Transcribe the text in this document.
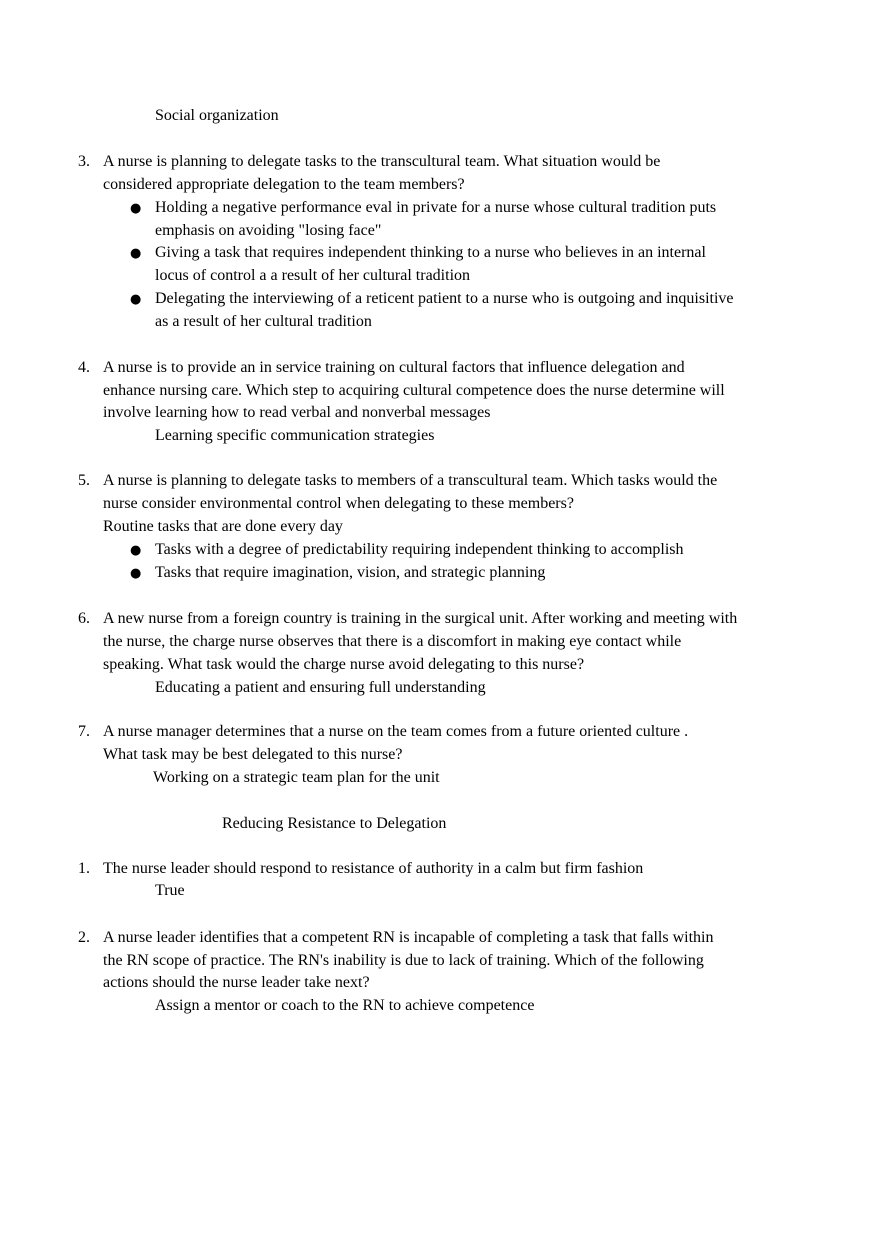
Social organization
3. A nurse is planning to delegate tasks to the transcultural team. What situation would be
considered appropriate delegation to the team members?
● Holding a negative performance eval in private for a nurse whose cultural tradition puts
emphasis on avoiding "losing face"
● Giving a task that requires independent thinking to a nurse who believes in an internal
locus of control a a result of her cultural tradition
● Delegating the interviewing of a reticent patient to a nurse who is outgoing and inquisitive
as a result of her cultural tradition
4. A nurse is to provide an in service training on cultural factors that influence delegation and
enhance nursing care. Which step to acquiring cultural competence does the nurse determine will
involve learning how to read verbal and nonverbal messages
Learning specific communication strategies
5. A nurse is planning to delegate tasks to members of a transcultural team. Which tasks would the
nurse consider environmental control when delegating to these members?
Routine tasks that are done every day
● Tasks with a degree of predictability requiring independent thinking to accomplish
● Tasks that require imagination, vision, and strategic planning
6. A new nurse from a foreign country is training in the surgical unit. After working and meeting with
the nurse, the charge nurse observes that there is a discomfort in making eye contact while
speaking. What task would the charge nurse avoid delegating to this nurse?
Educating a patient and ensuring full understanding
7. A nurse manager determines that a nurse on the team comes from a future oriented culture .
What task may be best delegated to this nurse?
Working on a strategic team plan for the unit
Reducing Resistance to Delegation
1. The nurse leader should respond to resistance of authority in a calm but firm fashion
True
2. A nurse leader identifies that a competent RN is incapable of completing a task that falls within
the RN scope of practice. The RN's inability is due to lack of training. Which of the following
actions should the nurse leader take next?
Assign a mentor or coach to the RN to achieve competence
